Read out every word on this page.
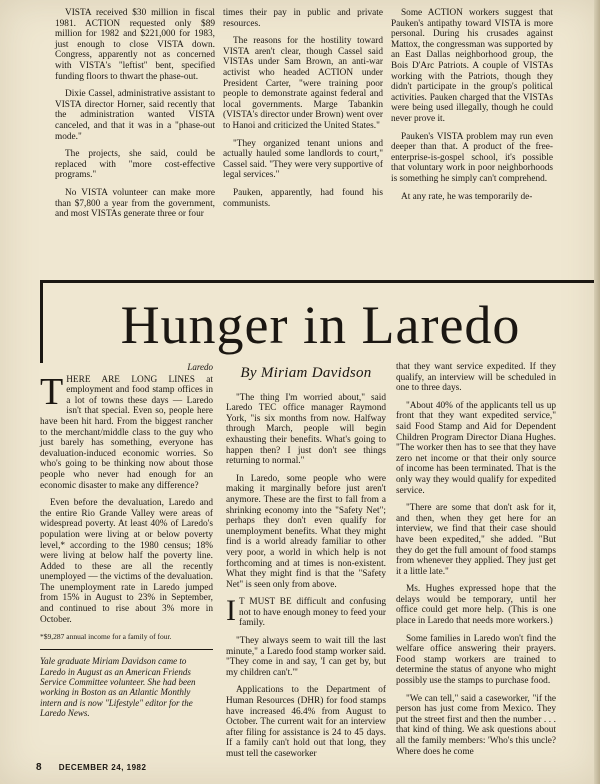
VISTA received $30 million in fiscal 1981. ACTION requested only $89 million for 1982 and $221,000 for 1983, just enough to close VISTA down. Congress, apparently not as concerned with VISTA's "leftist" bent, specified funding floors to thwart the phase-out.

Dixie Cassel, administrative assistant to VISTA director Horner, said recently that the administration wanted VISTA canceled, and that it was in a "phase-out mode."

The projects, she said, could be replaced with "more cost-effective programs."

No VISTA volunteer can make more than $7,800 a year from the government, and most VISTAs generate three or four

times their pay in public and private resources.

The reasons for the hostility toward VISTA aren't clear, though Cassel said VISTAs under Sam Brown, an anti-war activist who headed ACTION under President Carter, "were training poor people to demonstrate against federal and local governments. Marge Tabankin (VISTA's director under Brown) went over to Hanoi and criticized the United States."

"They organized tenant unions and actually hauled some landlords to court," Cassel said. "They were very supportive of legal services."

Pauken, apparently, had found his communists.

Some ACTION workers suggest that Pauken's antipathy toward VISTA is more personal. During his crusades against Mattox, the congressman was supported by an East Dallas neighborhood group, the Bois D'Arc Patriots. A couple of VISTAs working with the Patriots, though they didn't participate in the group's political activities. Pauken charged that the VISTAs were being used illegally, though he could never prove it.

Pauken's VISTA problem may run even deeper than that. A product of the free-enterprise-is-gospel school, it's possible that voluntary work in poor neighborhoods is something he simply can't comprehend.

At any rate, he was temporarily de-

Hunger in Laredo
Laredo

THERE ARE LONG LINES at employment and food stamp offices in a lot of towns these days — Laredo isn't that special. Even so, people here have been hit hard. From the biggest rancher to the merchant/middle class to the guy who just barely has something, everyone has devaluation-induced economic worries. So who's going to be thinking now about those people who never had enough for an economic disaster to make any difference?

Even before the devaluation, Laredo and the entire Rio Grande Valley were areas of widespread poverty. At least 40% of Laredo's population were living at or below poverty level,* according to the 1980 census; 18% were living at below half the poverty line. Added to these are all the recently unemployed — the victims of the devaluation. The unemployment rate in Laredo jumped from 15% in August to 23% in September, and continued to rise about 3% more in October.

*$9,287 annual income for a family of four.

Yale graduate Miriam Davidson came to Laredo in August as an American Friends Service Committee volunteer. She had been working in Boston as an Atlantic Monthly intern and is now "Lifestyle" editor for the Laredo News.

By Miriam Davidson

"The thing I'm worried about," said Laredo TEC office manager Raymond York, "is six months from now. Halfway through March, people will begin exhausting their benefits. What's going to happen then? I just don't see things returning to normal."

In Laredo, some people who were making it marginally before just aren't anymore. These are the first to fall from a shrinking economy into the "Safety Net"; perhaps they don't even qualify for unemployment benefits. What they might find is a world already familiar to other very poor, a world in which help is not forthcoming and at times is non-existent. What they might find is that the "Safety Net" is seen only from above.

I T MUST BE difficult and confusing not to have enough money to feed your family.

"They always seem to wait till the last minute," a Laredo food stamp worker said. "They come in and say, 'I can get by, but my children can't.'"

Applications to the Department of Human Resources (DHR) for food stamps have increased 46.4% from August to October. The current wait for an interview after filing for assistance is 24 to 45 days. If a family can't hold out that long, they must tell the caseworker

that they want service expedited. If they qualify, an interview will be scheduled in one to three days.

"About 40% of the applicants tell us up front that they want expedited service," said Food Stamp and Aid for Dependent Children Program Director Diana Hughes. "The worker then has to see that they have zero net income or that their only source of income has been terminated. That is the only way they would qualify for expedited service.

"There are some that don't ask for it, and then, when they get here for an interview, we find that their case should have been expedited," she added. "But they do get the full amount of food stamps from whenever they applied. They just get it a little late."

Ms. Hughes expressed hope that the delays would be temporary, until her office could get more help. (This is one place in Laredo that needs more workers.)

Some families in Laredo won't find the welfare office answering their prayers. Food stamp workers are trained to determine the status of anyone who might possibly use the stamps to purchase food.

"We can tell," said a caseworker, "if the person has just come from Mexico. They put the street first and then the number . . . that kind of thing. We ask questions about all the family members: 'Who's this uncle? Where does he come

8 DECEMBER 24, 1982
